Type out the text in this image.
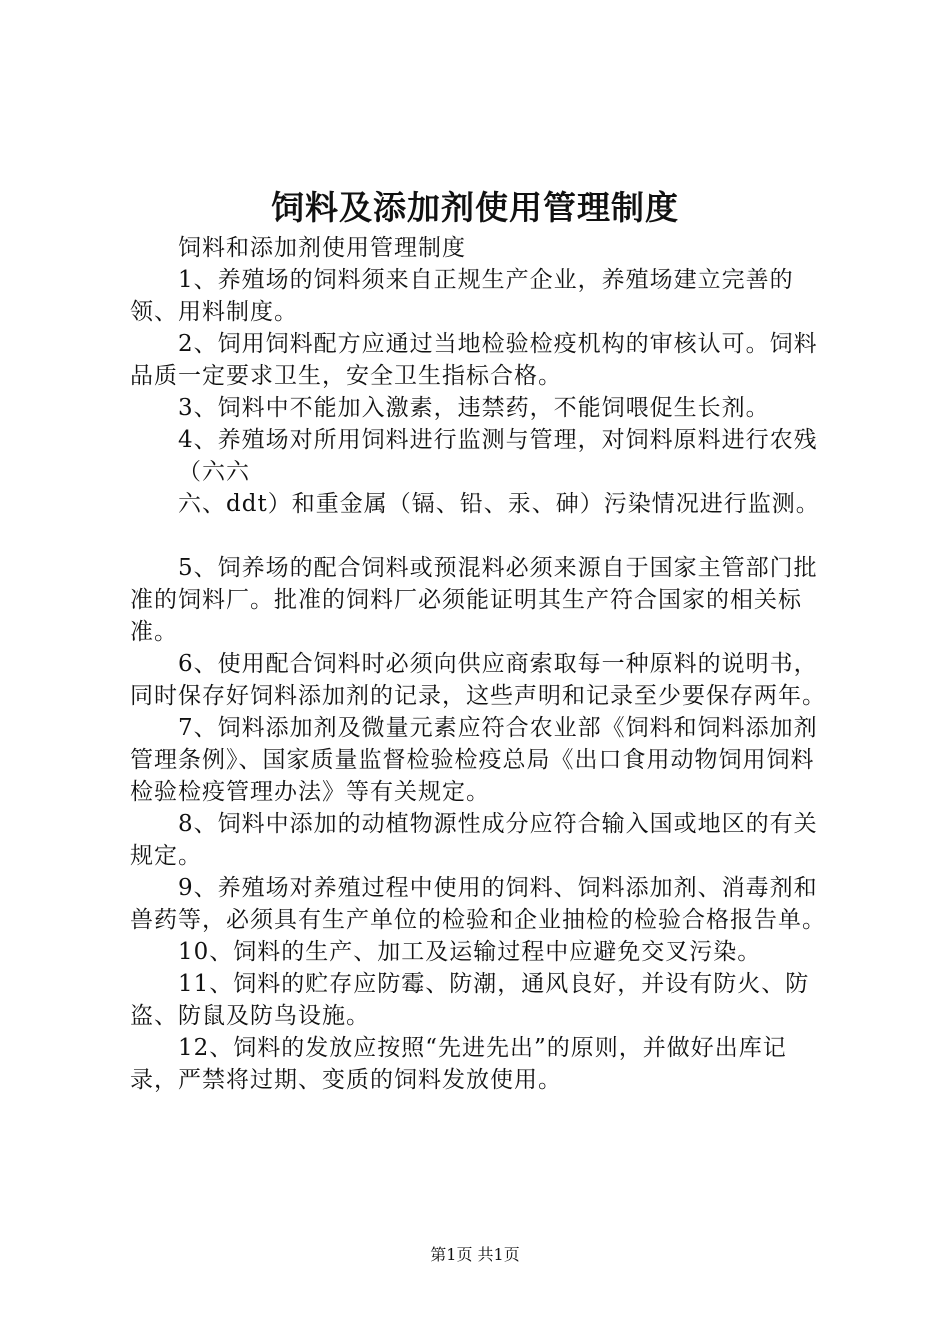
饲料及添加剂使用管理制度

饲料和添加剂使用管理制度

1、养殖场的饲料须来自正规生产企业，养殖场建立完善的领、用料制度。

2、饲用饲料配方应通过当地检验检疫机构的审核认可。饲料品质一定要求卫生，安全卫生指标合格。

3、饲料中不能加入激素，违禁药，不能饲喂促生长剂。

4、养殖场对所用饲料进行监测与管理，对饲料原料进行农残（六六
六、ddt）和重金属（镉、铅、汞、砷）污染情况进行监测。

5、饲养场的配合饲料或预混料必须来源自于国家主管部门批准的饲料厂。批准的饲料厂必须能证明其生产符合国家的相关标准。

6、使用配合饲料时必须向供应商索取每一种原料的说明书，同时保存好饲料添加剂的记录，这些声明和记录至少要保存两年。

7、饲料添加剂及微量元素应符合农业部《饲料和饲料添加剂管理条例》、国家质量监督检验检疫总局《出口食用动物饲用饲料检验检疫管理办法》等有关规定。

8、饲料中添加的动植物源性成分应符合输入国或地区的有关规定。

9、养殖场对养殖过程中使用的饲料、饲料添加剂、消毒剂和兽药等，必须具有生产单位的检验和企业抽检的检验合格报告单。

10、饲料的生产、加工及运输过程中应避免交叉污染。

11、饲料的贮存应防霉、防潮，通风良好，并设有防火、防盗、防鼠及防鸟设施。

12、饲料的发放应按照“先进先出”的原则，并做好出库记录，严禁将过期、变质的饲料发放使用。

第1页 共1页
